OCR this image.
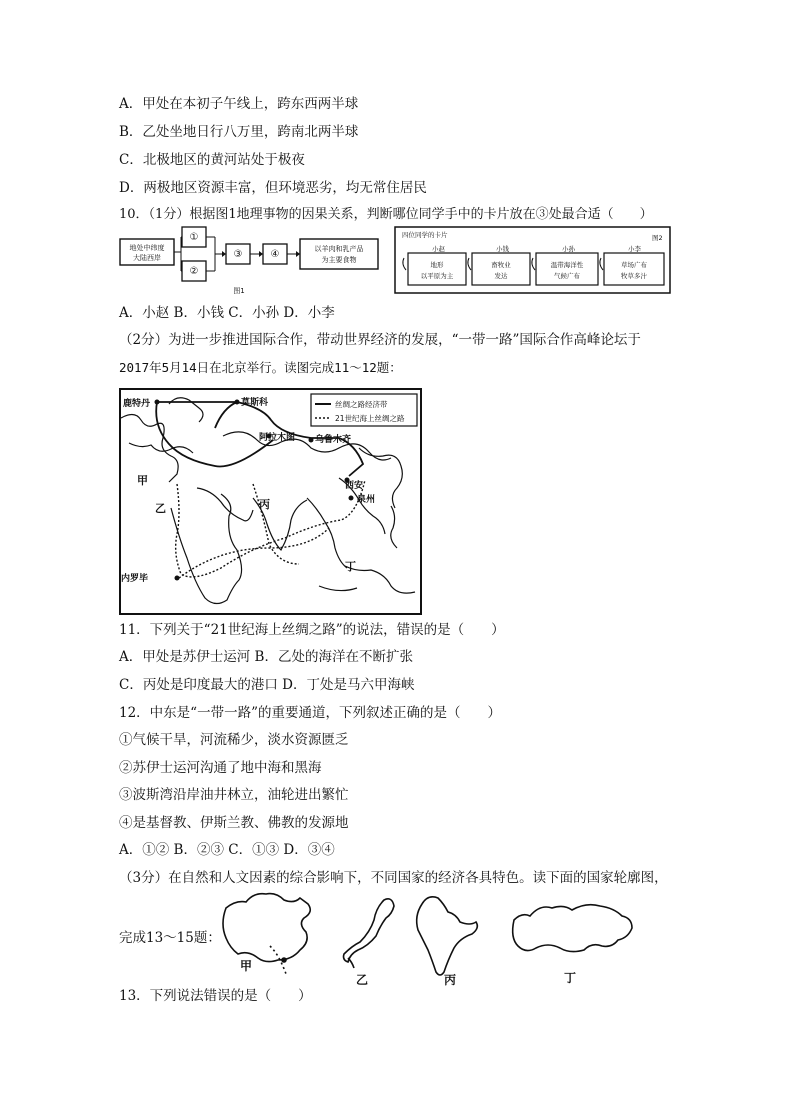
A．甲处在本初子午线上，跨东西两半球
B．乙处坐地日行八万里，跨南北两半球
C．北极地区的黄河站处于极夜
D．两极地区资源丰富，但环境恶劣，均无常住居民
10．（1分）根据图1地理事物的因果关系，判断哪位同学手中的卡片放在③处最合适（　　）
地处中纬度
大陆西岸
①
②
③	④	以羊肉和乳产品
为主要食物
图1
四位同学的卡片	图2
小赵
地形
以平原为主
小钱
畜牧业
发达
小孙
温带海洋性
气候广布
小李
草场广布
牧草多汁
A．小赵 B．小钱 C．小孙 D．小李
（2分）为进一步推进国际合作，带动世界经济的发展，“一带一路”国际合作高峰论坛于
2017年5月14日在北京举行。读图完成11～12题：
丝绸之路经济带
21世纪海上丝绸之路
鹿特丹	莫斯科
阿拉木图 乌鲁木齐
西安
泉州
内罗毕
甲
乙	丙
丁
11．下列关于“21世纪海上丝绸之路”的说法，错误的是（　　）
A．甲处是苏伊士运河 B．乙处的海洋在不断扩张
C．丙处是印度最大的港口 D．丁处是马六甲海峡
12．中东是“一带一路”的重要通道，下列叙述正确的是（　　）
①气候干旱，河流稀少，淡水资源匮乏
②苏伊士运河沟通了地中海和黑海
③波斯湾沿岸油井林立，油轮进出繁忙
④是基督教、伊斯兰教、佛教的发源地
A．①② B．②③ C．①③ D．③④
（3分）在自然和人文因素的综合影响下，不同国家的经济各具特色。读下面的国家轮廓图，
完成13～15题：
甲
乙	丙	丁
13．下列说法错误的是（　　）
